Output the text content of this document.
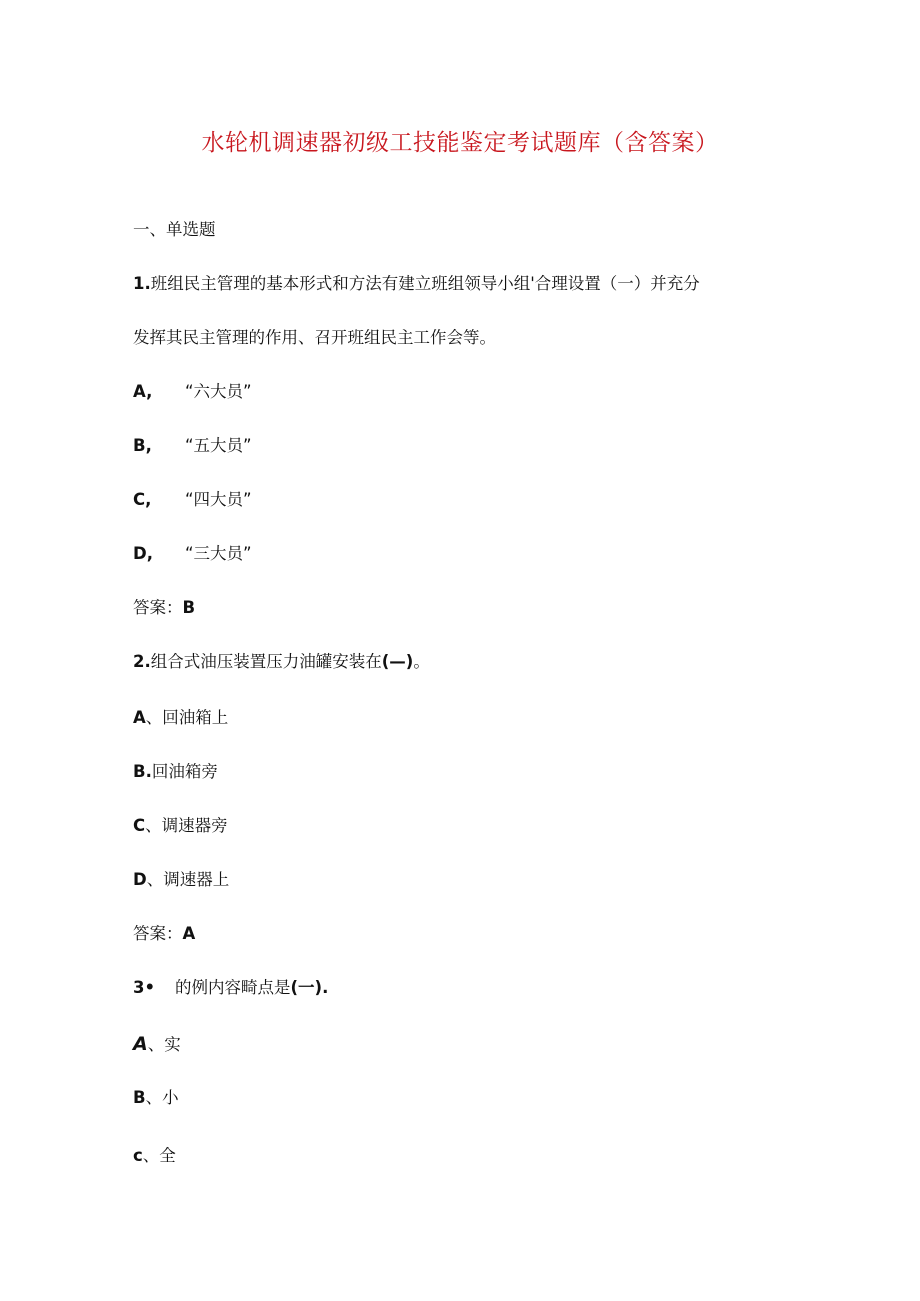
水轮机调速器初级工技能鉴定考试题库（含答案）
一、单选题
1.班组民主管理的基本形式和方法有建立班组领导小组'合理设置（一）并充分
发挥其民主管理的作用、召开班组民主工作会等。
A, “六大员”
B, “五大员”
C, “四大员”
D, “三大员”
答案：B
2.组合式油压装置压力油罐安装在(—)。
A、回油箱上
B.回油箱旁
C、调速器旁
D、调速器上
答案：A
3• 的例内容畸点是(一).
A、实
B、小
c、全
